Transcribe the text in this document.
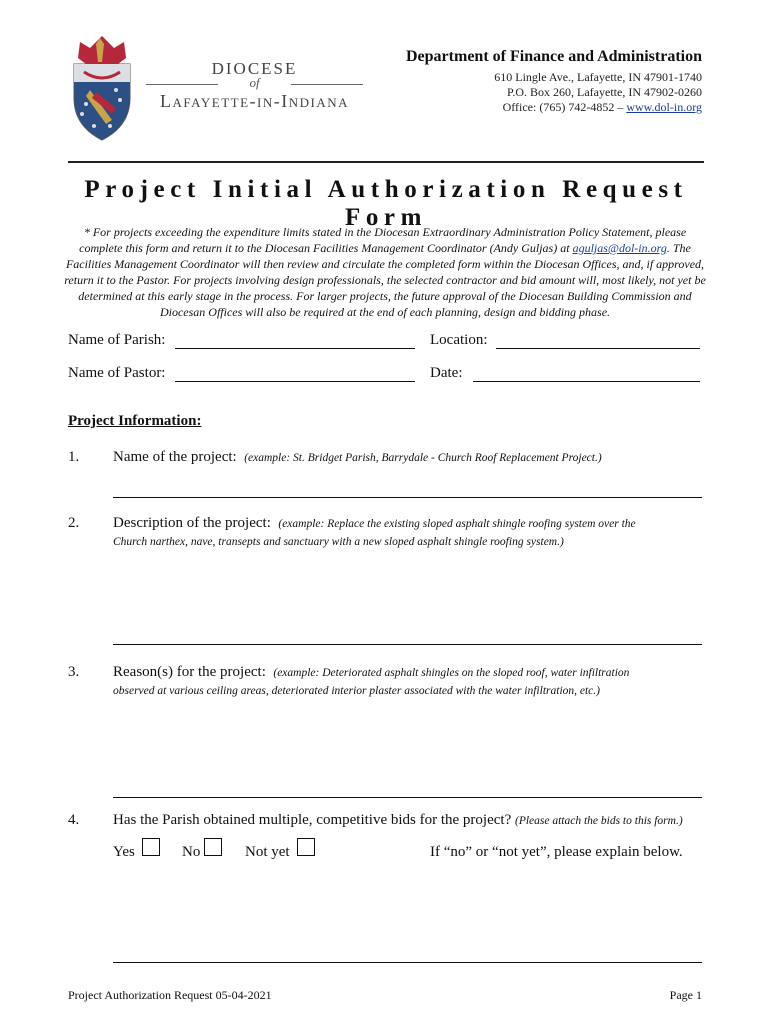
DIOCESE
of
Lafayette-in-Indiana
Department of Finance and Administration
610 Lingle Ave., Lafayette, IN 47901-1740
P.O. Box 260, Lafayette, IN 47902-0260
Office: (765) 742-4852 – www.dol-in.org
Project Initial Authorization Request Form
* For projects exceeding the expenditure limits stated in the Diocesan Extraordinary Administration Policy Statement, please complete this form and return it to the Diocesan Facilities Management Coordinator (Andy Guljas) at aguljas@dol-in.org. The Facilities Management Coordinator will then review and circulate the completed form within the Diocesan Offices, and, if approved, return it to the Pastor. For projects involving design professionals, the selected contractor and bid amount will, most likely, not yet be determined at this early stage in the process. For larger projects, the future approval of the Diocesan Building Commission and Diocesan Offices will also be required at the end of each planning, design and bidding phase.
Name of Parish:	Location:
Name of Pastor:	Date:
Project Information:
1. Name of the project: (example: St. Bridget Parish, Barrydale - Church Roof Replacement Project.)
2. Description of the project: (example: Replace the existing sloped asphalt shingle roofing system over the
Church narthex, nave, transepts and sanctuary with a new sloped asphalt shingle roofing system.)
3. Reason(s) for the project: (example: Deteriorated asphalt shingles on the sloped roof, water infiltration
observed at various ceiling areas, deteriorated interior plaster associated with the water infiltration, etc.)
4. Has the Parish obtained multiple, competitive bids for the project? (Please attach the bids to this form.)
Yes	No	Not yet	If “no” or “not yet”, please explain below.
Project Authorization Request 05-04-2021	Page 1
